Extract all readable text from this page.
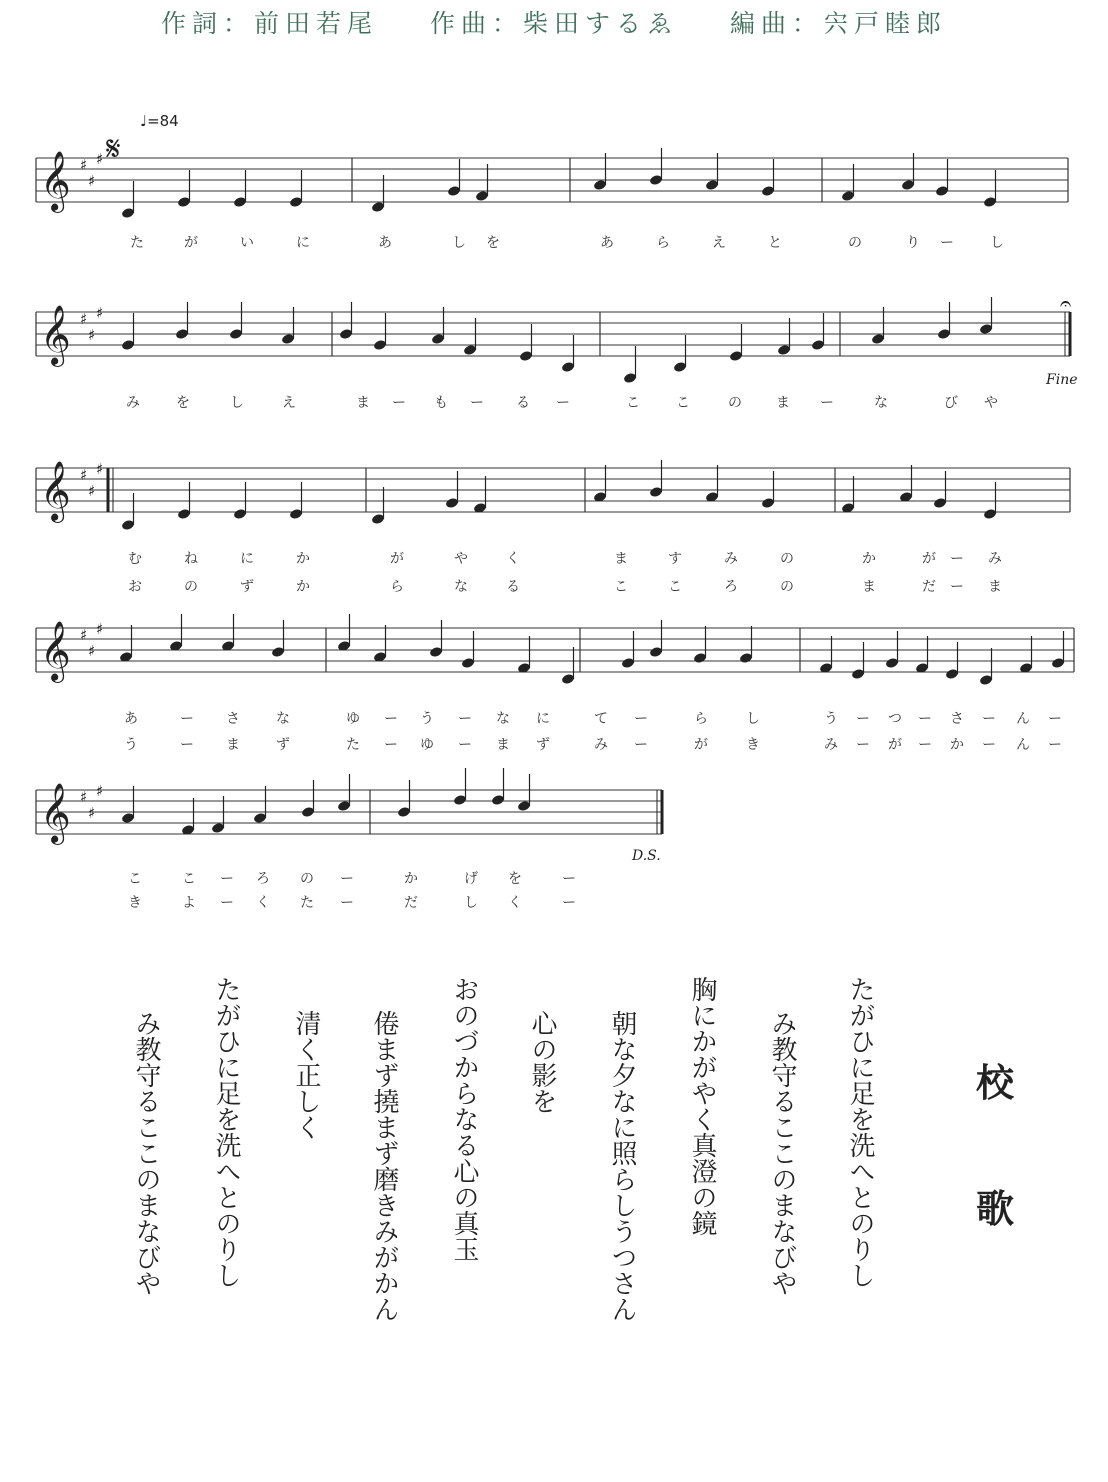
作詞：前田若尾 作曲：柴田するゑ 編曲：宍戸睦郎
♩=84
𝄞 ♯
♯
♯
𝄞 ♯
♯
♯
𝄞 ♯
♯
♯
𝄞 ♯
♯
♯
𝄞 ♯
♯
♯
𝄋
𝄐
Fine
D.S.
た	が	い	に	あ	し を	あ	ら	え	と	の	り ー	し
み	を	し	え	ま ー も ー る ー	こ	こ	の ま ー	な	び や
む	ね	に	か	が	や	く	ま	す	み	の	か	が ー み
お	の	ず	か	ら	な	る	こ	こ	ろ	の	ま	だ ー ま
あ	ー さ	な	ゆ ー う ー な に	て ー	ら	し	う ー つ ー さ ー ん ー
う	ー ま	ず	た ー ゆ ー ま ず	み ー	が	き	み ー が ー か ー ん ー
こ	こ ー ろ の ー	か	げ を	ー
き	よ ー く た ー	だ	し く	ー
校
歌
たがひに足を洗へとのりし
み教守るここのまなびや
胸にかがやく真澄の鏡
朝な夕なに照らしうつさん
心の影を
おのづからなる心の真玉
倦まず撓まず磨きみがかん
清く正しく
たがひに足を洗へとのりし
み教守るここのまなびや
